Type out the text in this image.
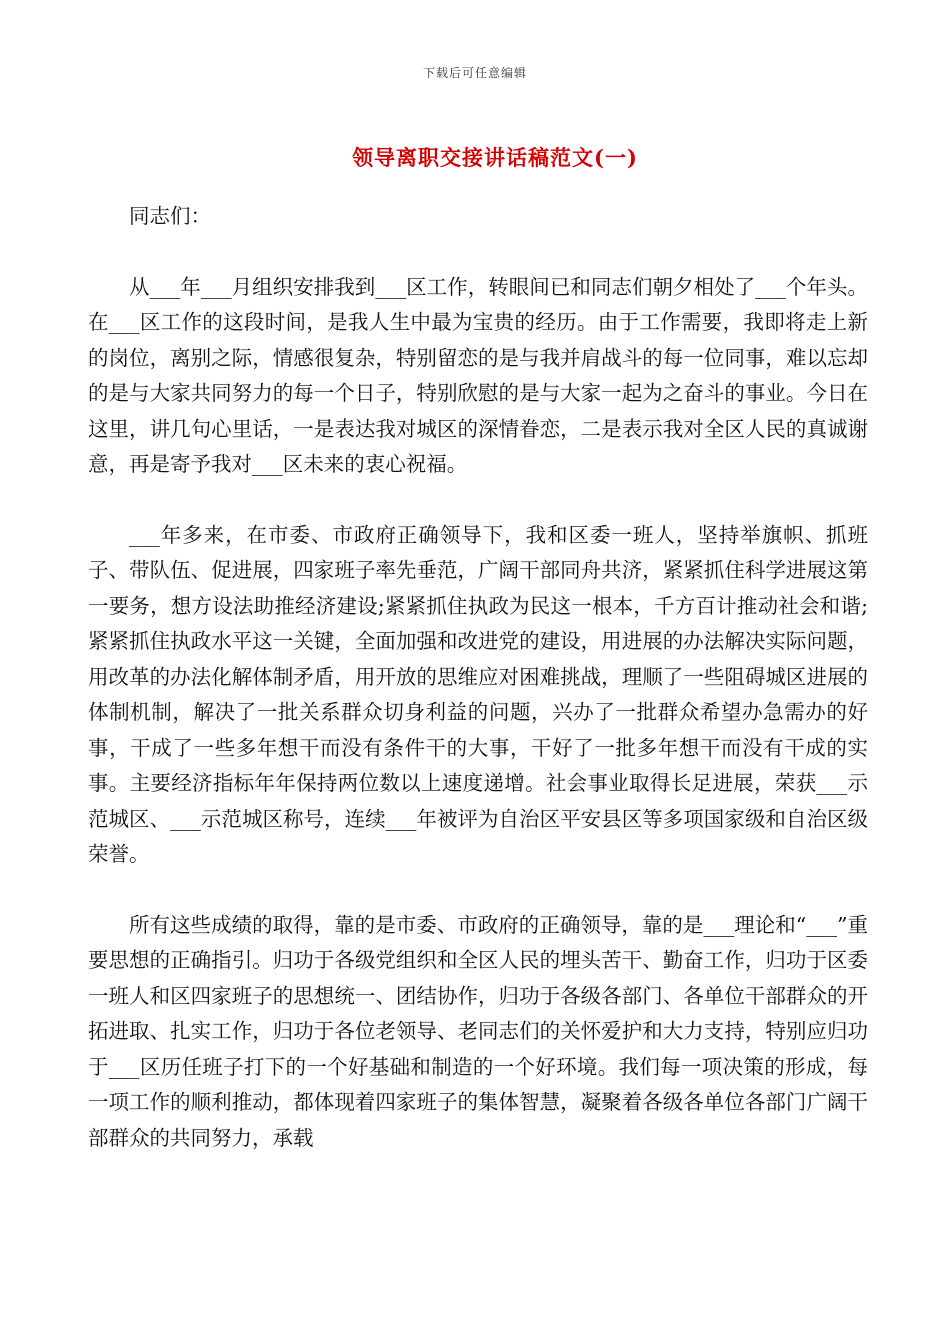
下载后可任意编辑
领导离职交接讲话稿范文(一)

同志们：

从___年___月组织安排我到___区工作，转眼间已和同志们朝夕相处了___个年头。在___区工作的这段时间，是我人生中最为宝贵的经历。由于工作需要，我即将走上新的岗位，离别之际，情感很复杂，特别留恋的是与我并肩战斗的每一位同事，难以忘却的是与大家共同努力的每一个日子，特别欣慰的是与大家一起为之奋斗的事业。今日在这里，讲几句心里话，一是表达我对城区的深情眷恋，二是表示我对全区人民的真诚谢意，再是寄予我对___区未来的衷心祝福。

___年多来，在市委、市政府正确领导下，我和区委一班人，坚持举旗帜、抓班子、带队伍、促进展，四家班子率先垂范，广阔干部同舟共济，紧紧抓住科学进展这第一要务，想方设法助推经济建设;紧紧抓住执政为民这一根本，千方百计推动社会和谐;紧紧抓住执政水平这一关键，全面加强和改进党的建设，用进展的办法解决实际问题，用改革的办法化解体制矛盾，用开放的思维应对困难挑战，理顺了一些阻碍城区进展的体制机制，解决了一批关系群众切身利益的问题，兴办了一批群众希望办急需办的好事，干成了一些多年想干而没有条件干的大事，干好了一批多年想干而没有干成的实事。主要经济指标年年保持两位数以上速度递增。社会事业取得长足进展，荣获___示范城区、___示范城区称号，连续___年被评为自治区平安县区等多项国家级和自治区级荣誉。

所有这些成绩的取得，靠的是市委、市政府的正确领导，靠的是___理论和“___”重要思想的正确指引。归功于各级党组织和全区人民的埋头苦干、勤奋工作，归功于区委一班人和区四家班子的思想统一、团结协作，归功于各级各部门、各单位干部群众的开拓进取、扎实工作，归功于各位老领导、老同志们的关怀爱护和大力支持，特别应归功于___区历任班子打下的一个好基础和制造的一个好环境。我们每一项决策的形成，每一项工作的顺利推动，都体现着四家班子的集体智慧，凝聚着各级各单位各部门广阔干部群众的共同努力，承载
